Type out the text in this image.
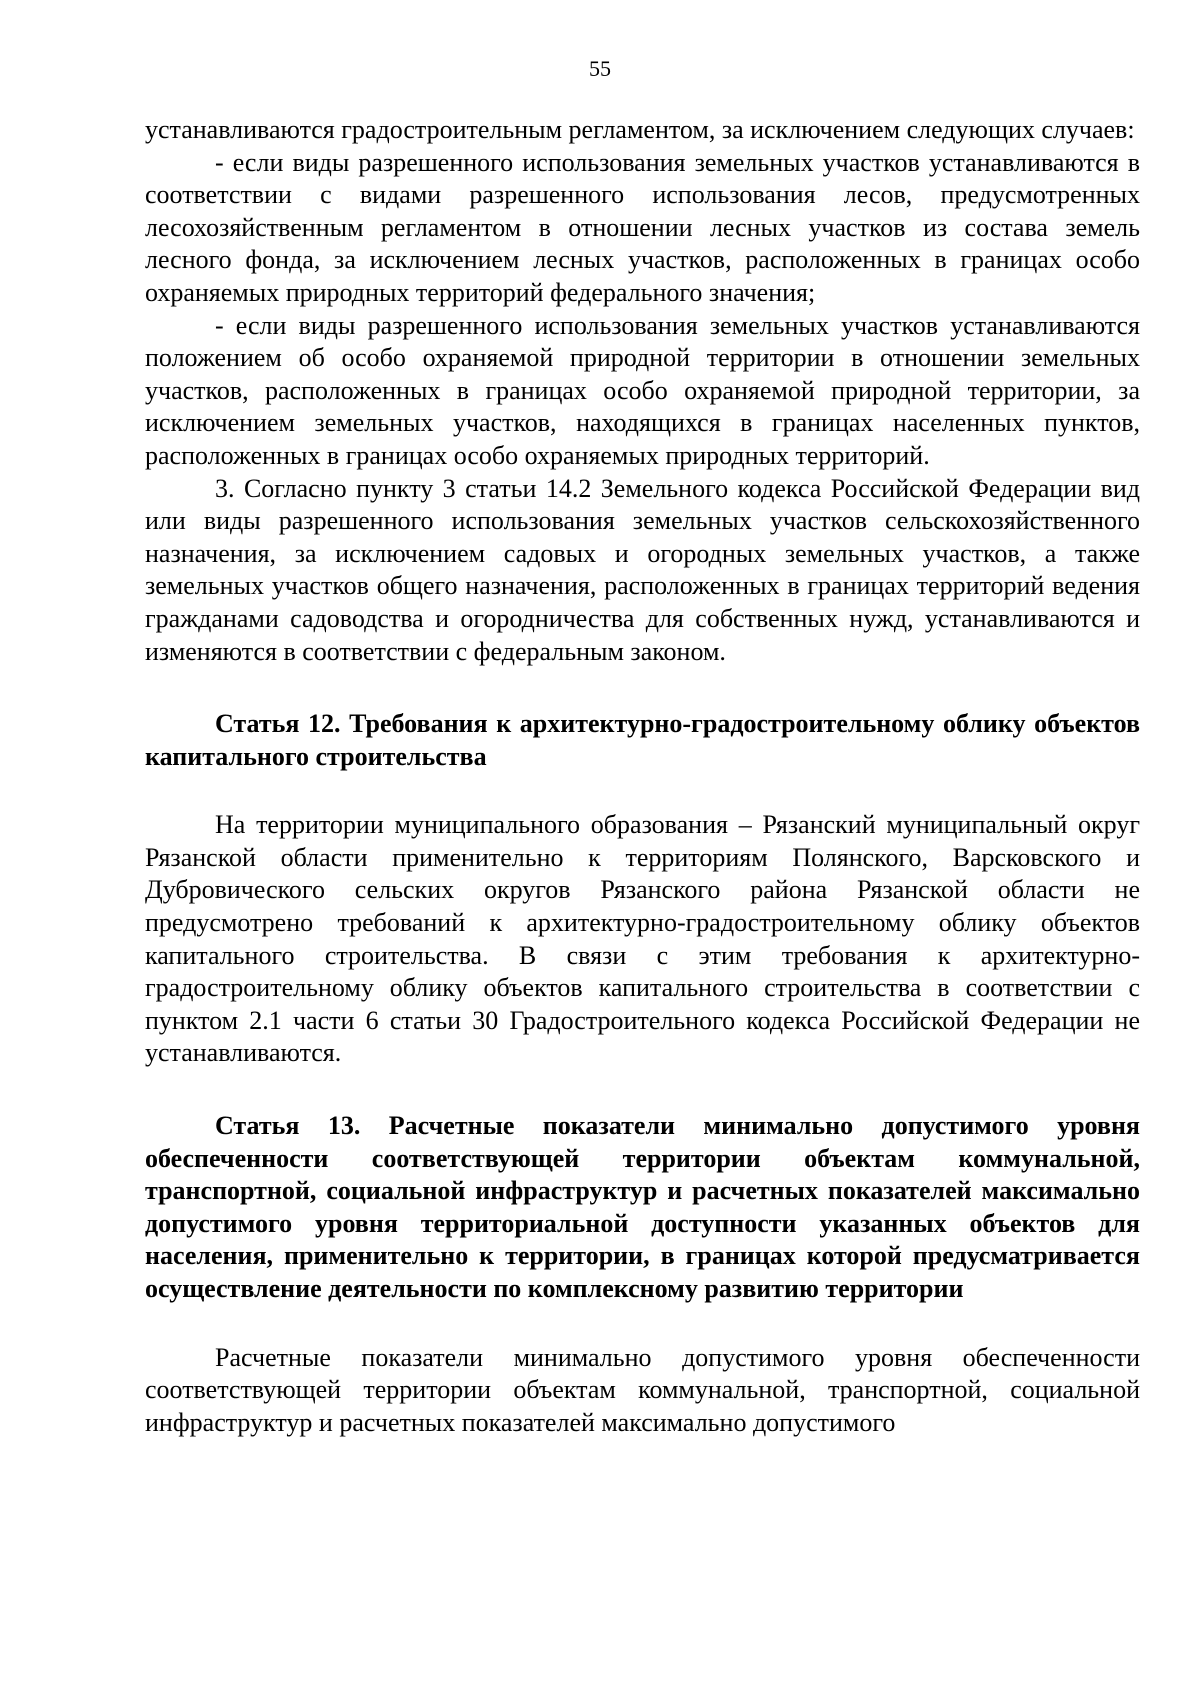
55

устанавливаются градостроительным регламентом, за исключением следующих случаев:

- если виды разрешенного использования земельных участков устанавливаются в соответствии с видами разрешенного использования лесов, предусмотренных лесохозяйственным регламентом в отношении лесных участков из состава земель лесного фонда, за исключением лесных участков, расположенных в границах особо охраняемых природных территорий федерального значения;

- если виды разрешенного использования земельных участков устанавливаются положением об особо охраняемой природной территории в отношении земельных участков, расположенных в границах особо охраняемой природной территории, за исключением земельных участков, находящихся в границах населенных пунктов, расположенных в границах особо охраняемых природных территорий.

3. Согласно пункту 3 статьи 14.2 Земельного кодекса Российской Федерации вид или виды разрешенного использования земельных участков сельскохозяйственного назначения, за исключением садовых и огородных земельных участков, а также земельных участков общего назначения, расположенных в границах территорий ведения гражданами садоводства и огородничества для собственных нужд, устанавливаются и изменяются в соответствии с федеральным законом.

Статья 12. Требования к архитектурно-градостроительному облику объектов капитального строительства

На территории муниципального образования – Рязанский муниципальный округ Рязанской области применительно к территориям Полянского, Варсковского и Дубровического сельских округов Рязанского района Рязанской области не предусмотрено требований к архитектурно-градостроительному облику объектов капитального строительства. В связи с этим требования к архитектурно-градостроительному облику объектов капитального строительства в соответствии с пунктом 2.1 части 6 статьи 30 Градостроительного кодекса Российской Федерации не устанавливаются.

Статья 13. Расчетные показатели минимально допустимого уровня обеспеченности соответствующей территории объектам коммунальной, транспортной, социальной инфраструктур и расчетных показателей максимально допустимого уровня территориальной доступности указанных объектов для населения, применительно к территории, в границах которой предусматривается осуществление деятельности по комплексному развитию территории

Расчетные показатели минимально допустимого уровня обеспеченности соответствующей территории объектам коммунальной, транспортной, социальной инфраструктур и расчетных показателей максимально допустимого
